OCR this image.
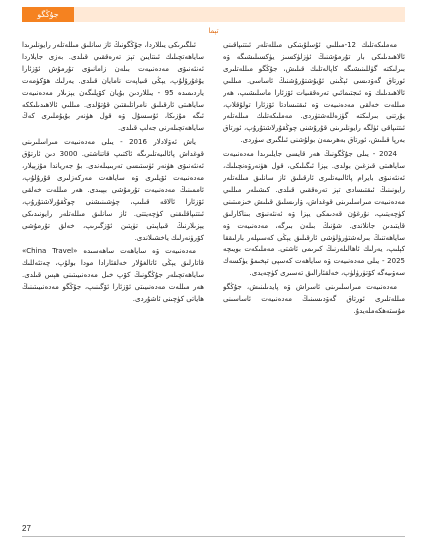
جۇڭگو مىللەتلىرى	تېما

مەملىكەتلىك 12-مىللىي ئۇسلۇبتىكى مىللەتلەر ئىتتىپاقىنى ئالاھىدىلىكى بار تۇرمۇشنىڭ ئۈزلۈكسىز يۈكسىلىشىگە ۋە بىرلىكتە گۈللىنىشىگە كاپالەتلىك قىلىش، جۇڭگو مىللەتلىرى ئورتاق گەۋدىسى ئېڭىنى ئۇيۇشتۇرۇشنىڭ ئاساسى. مىللىي ئالاھىدىلىك ۋە ئىجتىمائىي تەرەققىيات ئۆزئارا ماسلىشىپ، ھەر مىللەت خەلقى مەدەنىيەت ۋە ئىقتىسادتا ئۆزئارا تولۇقلاپ، يۇرتنى بىرلىكتە گۈزەللەشتۈردى. مەملىكەتلىك مىللەتلەر ئىتتىپاقى ئۈلگە رايونلىرىنى قۇرۇشنى چوڭقۇرلاشتۇرۇپ، ئورتاق بەرپا قىلىش، ئورتاق بەھرىمەن بولۇشنى ئىلگىرى سۈردى.

2024 - يىلى جۇڭگونىڭ ھەر قايسى جايلىرىدا مەدەنىيەت ساياھىتى قىزغىن بولدى. يېزا ئىگىلىكى، قول ھۈنەرۋەنچىلىك، ئەنئەنىۋى بايرام پائالىيەتلىرى ئارقىلىق ئاز سانلىق مىللەتلەر رايونىنىڭ ئىقتىسادى تېز تەرەققىي قىلدى. كىشىلەر مىللىي مەدەنىيەت مىراسلىرىنى قوغداش، ۋارىسلىق قىلىش خىزمىتىنى كۈچەيتىپ، نۇرغۇن قەدىمكى يېزا ۋە ئەنئەنىۋى بىناكارلىق قايتىدىن جانلاندى. شۇنىڭ بىلەن بىرگە، مەدەنىيەت ۋە ساياھەتنىڭ بىرلەشتۈرۈلۈشى ئارقىلىق يېڭى كەسىپلەر بارلىققا كېلىپ، يەرلىك ئاھالىلەرنىڭ كىرىمى ئاشتى. مەملىكەت بويىچە 2025 - يىلى مەدەنىيەت ۋە ساياھەت كەسپى تېخىمۇ يۈكسەك سەۋىيەگە كۆتۈرۈلۈپ، خەلقئارالىق تەسىرى كۈچەيدى.

مەدەنىيەت مىراسلىرىنى ئاسراش ۋە پايدىلىنىش، جۇڭگو مىللەتلىرى ئورتاق گەۋدىسىنىڭ مەدەنىيەت ئاساسىنى مۇستەھكەملەيدۇ.

ئىلگىرىكى يىللاردا، جۇڭگونىڭ ئاز سانلىق مىللەتلەر رايونلىرىدا ساياھەتچىلىك ئىنتايىن تېز تەرەققىي قىلدى. بەزى جايلاردا ئەنئەنىۋى مەدەنىيەت بىلەن زامانىۋى تۇرمۇش ئۆزئارا يۇغۇرۇلۇپ، يېڭى قىياپەت نامايان قىلدى. يەرلىك ھۆكۈمەت ياردىمىدە 95 - يىللاردىن بۇيان كۆپلىگەن يېزىلار مەدەنىيەت ساياھىتى ئارقىلىق نامراتلىقتىن قۇتۇلدى. مىللىي ئالاھىدىلىككە ئىگە مۇزىكا، ئۇسسۇل ۋە قول ھۈنەر بۇيۇملىرى كەڭ ساياھەتچىلەرنى جەلپ قىلدى.

ياش ئەۋلادلار 2016 - يىلى مەدەنىيەت مىراسلىرىنى قوغداش پائالىيەتلىرىگە ئاكتىپ قاتناشتى. 3000 دىن ئارتۇق ئەنئەنىۋى ھۈنەر ئۈستىسى تەربىيىلەندى. بۇ جەرياندا مۇزېيلار، مەدەنىيەت ئۆيلىرى ۋە ساياھەت مەركەزلىرى قۇرۇلۇپ، ئاممىنىڭ مەدەنىيەت تۇرمۇشى بېيىدى. ھەر مىللەت خەلقى ئۆزئارا ئالاقە قىلىپ، چۈشىنىشنى چوڭقۇرلاشتۇرۇپ، ئىتتىپاقلىقنى كۈچەيتتى. ئاز سانلىق مىللەتلەر رايونىدىكى يېزىلارنىڭ قىياپىتى تۈپتىن ئۆزگىرىپ، خەلق تۇرمۇشى كۆرۈنەرلىك ياخشىلاندى.

مەدەنىيەت ۋە ساياھەت ساھەسىدە «China Travel» قاتارلىق يېڭى ئاتالغۇلار خەلقئارادا مودا بولۇپ، چەتئەللىك ساياھەتچىلەر جۇڭگونىڭ كۆپ خىل مەدەنىيىتىنى ھېس قىلدى. ھەر مىللەت مەدەنىيىتى ئۆزئارا ئۆگىنىپ، جۇڭگو مەدەنىيىتىنىڭ ھاياتى كۈچىنى ئاشۇردى.

27
